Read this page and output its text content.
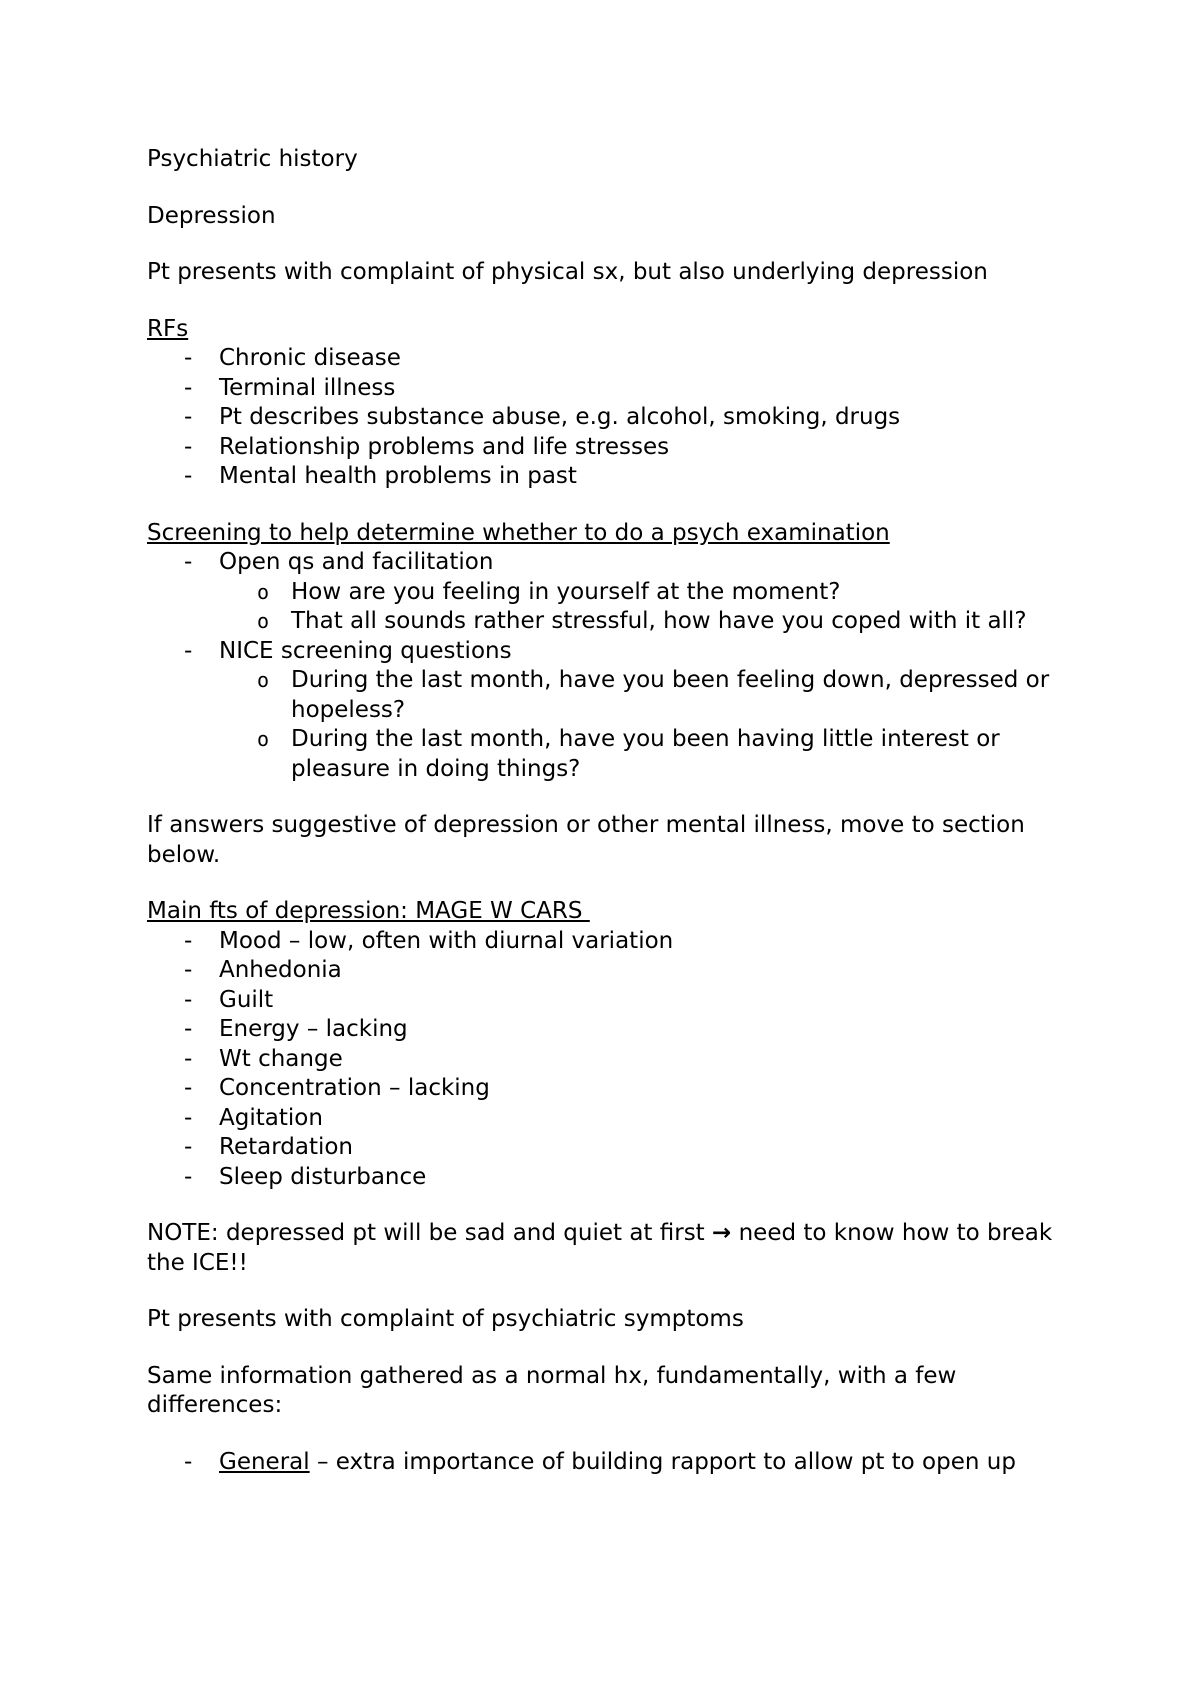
Psychiatric history

Depression

Pt presents with complaint of physical sx, but also underlying depression

RFs

- Chronic disease
- Terminal illness
- Pt describes substance abuse, e.g. alcohol, smoking, drugs
- Relationship problems and life stresses
- Mental health problems in past

Screening to help determine whether to do a psych examination

- Open qs and facilitation
o How are you feeling in yourself at the moment?
o That all sounds rather stressful, how have you coped with it all?
- NICE screening questions
o During the last month, have you been feeling down, depressed or hopeless?
o During the last month, have you been having little interest or pleasure in doing things?

If answers suggestive of depression or other mental illness, move to section below.

Main fts of depression: MAGE W CARS

- Mood – low, often with diurnal variation
- Anhedonia
- Guilt
- Energy – lacking
- Wt change
- Concentration – lacking
- Agitation
- Retardation
- Sleep disturbance

NOTE: depressed pt will be sad and quiet at first → need to know how to break the ICE!!

Pt presents with complaint of psychiatric symptoms

Same information gathered as a normal hx, fundamentally, with a few differences:

- General – extra importance of building rapport to allow pt to open up
